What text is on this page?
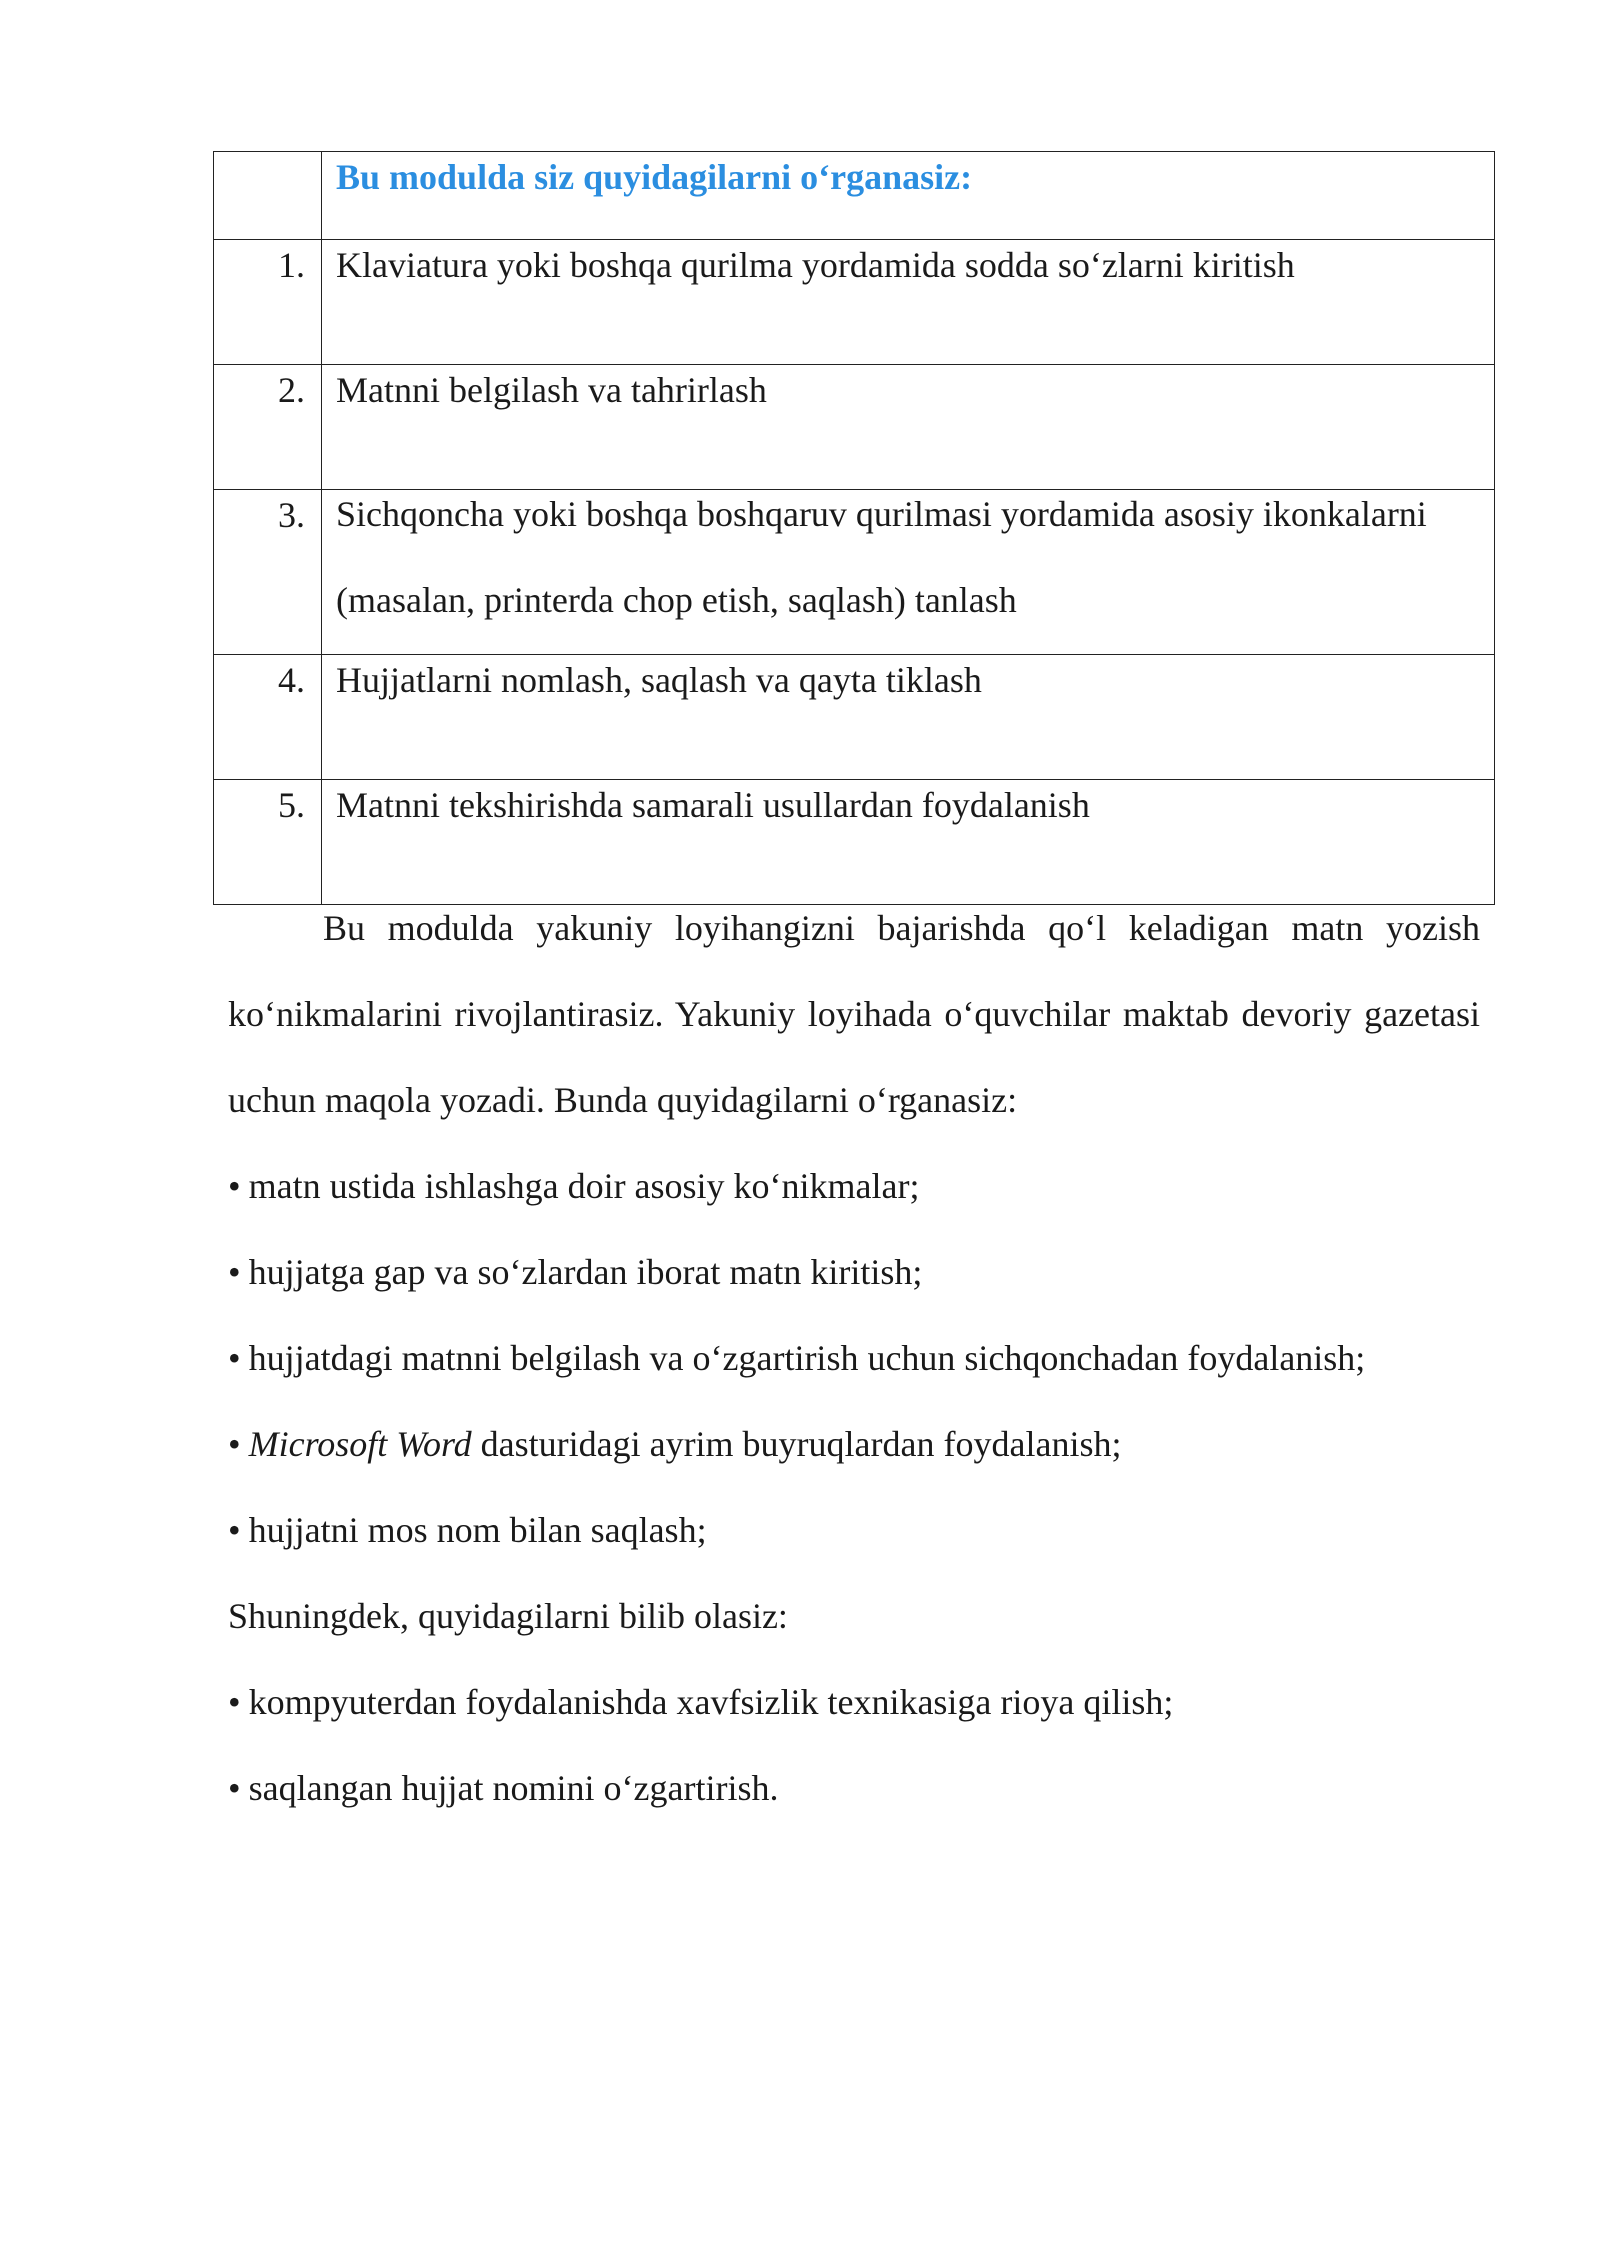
	Bu modulda siz quyidagilarni o‘rganasiz:

1.	Klaviatura yoki boshqa qurilma yordamida sodda so‘zlarni kiritish

2.	Matnni belgilash va tahrirlash

3.	Sichqoncha yoki boshqa boshqaruv qurilmasi yordamida asosiy ikonkalarni (masalan, printerda chop etish, saqlash) tanlash

4.	Hujjatlarni nomlash, saqlash va qayta tiklash

5.	Matnni tekshirishda samarali usullardan foydalanish

Bu modulda yakuniy loyihangizni bajarishda qo‘l keladigan matn yozish ko‘nikmalarini rivojlantirasiz. Yakuniy loyihada o‘quvchilar maktab devoriy gazetasi uchun maqola yozadi. Bunda quyidagilarni o‘rganasiz:

• matn ustida ishlashga doir asosiy ko‘nikmalar;
• hujjatga gap va so‘zlardan iborat matn kiritish;
• hujjatdagi matnni belgilash va o‘zgartirish uchun sichqonchadan foydalanish;
• Microsoft Word dasturidagi ayrim buyruqlardan foydalanish;
• hujjatni mos nom bilan saqlash;

Shuningdek, quyidagilarni bilib olasiz:

• kompyuterdan foydalanishda xavfsizlik texnikasiga rioya qilish;
• saqlangan hujjat nomini o‘zgartirish.
